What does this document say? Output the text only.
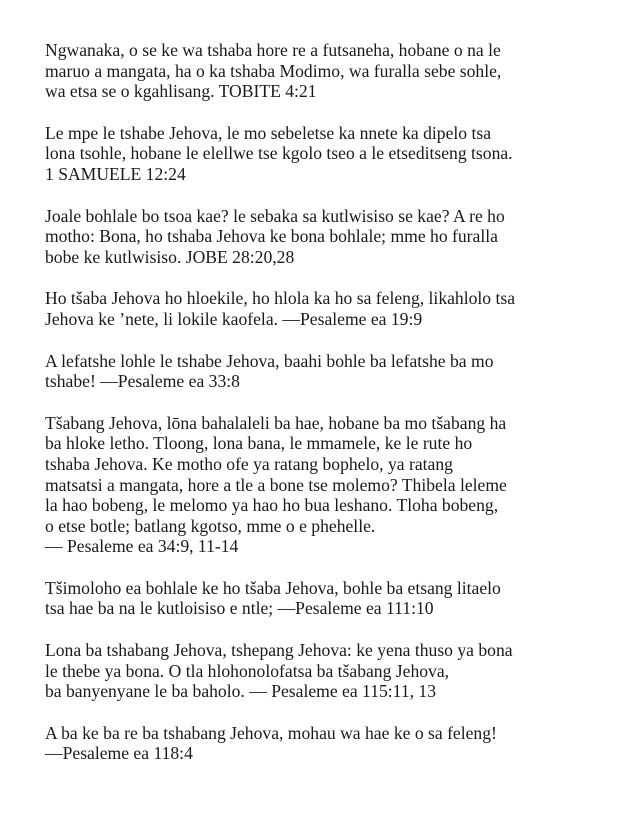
Ngwanaka, o se ke wa tshaba hore re a futsaneha, hobane o na le
maruo a mangata, ha o ka tshaba Modimo, wa furalla sebe sohle,
wa etsa se o kgahlisang. TOBITE 4:21
Le mpe le tshabe Jehova, le mo sebeletse ka nnete ka dipelo tsa
lona tsohle, hobane le elellwe tse kgolo tseo a le etseditseng tsona.
1 SAMUELE 12:24
Joale bohlale bo tsoa kae? le sebaka sa kutlwisiso se kae? A re ho
motho: Bona, ho tshaba Jehova ke bona bohlale; mme ho furalla
bobe ke kutlwisiso. JOBE 28:20,28
Ho tšaba Jehova ho hloekile, ho hlola ka ho sa feleng, likahlolo tsa
Jehova ke ’nete, li lokile kaofela. —Pesaleme ea 19:9
A lefatshe lohle le tshabe Jehova, baahi bohle ba lefatshe ba mo
tshabe! —Pesaleme ea 33:8
Tšabang Jehova, lōna bahalaleli ba hae, hobane ba mo tšabang ha
ba hloke letho. Tloong, lona bana, le mmamele, ke le rute ho
tshaba Jehova. Ke motho ofe ya ratang bophelo, ya ratang
matsatsi a mangata, hore a tle a bone tse molemo? Thibela leleme
la hao bobeng, le melomo ya hao ho bua leshano. Tloha bobeng,
o etse botle; batlang kgotso, mme o e phehelle.
— Pesaleme ea 34:9, 11-14
Tšimoloho ea bohlale ke ho tšaba Jehova, bohle ba etsang litaelo
tsa hae ba na le kutloisiso e ntle; —Pesaleme ea 111:10
Lona ba tshabang Jehova, tshepang Jehova: ke yena thuso ya bona
le thebe ya bona. O tla hlohonolofatsa ba tšabang Jehova,
ba banyenyane le ba baholo. — Pesaleme ea 115:11, 13
A ba ke ba re ba tshabang Jehova, mohau wa hae ke o sa feleng!
—Pesaleme ea 118:4
